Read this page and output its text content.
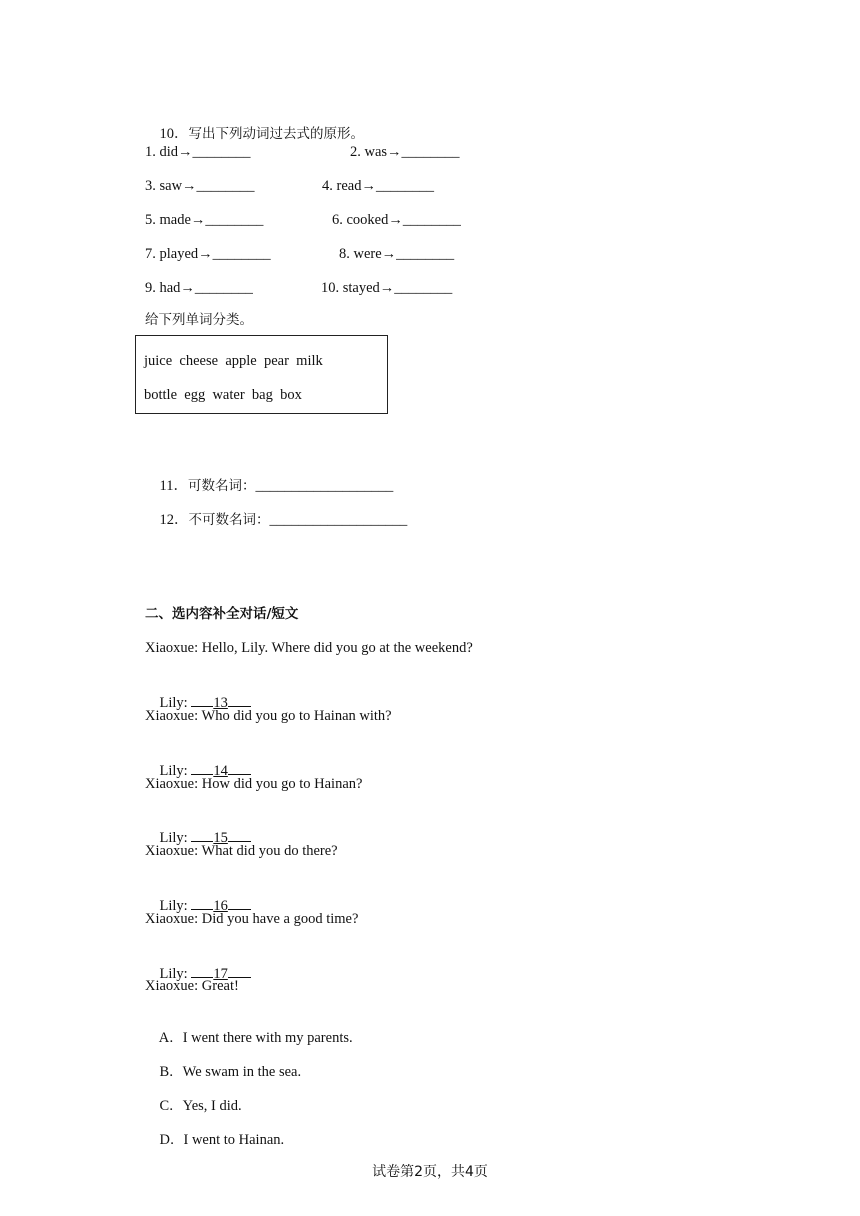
10．写出下列动词过去式的原形。

1. did→________	2. was→________
3. saw→________	4. read→________
5. made→________	6. cooked→________
7. played→________	8. were→________
9. had→________	10. stayed→________
给下列单词分类。
juice  cheese  apple  pear  milk
bottle  egg  water  bag  box

11．可数名词：___________________

12．不可数名词：___________________

二、选内容补全对话/短文
Xiaoxue: Hello, Lily. Where did you go at the weekend?

Lily: 13

Xiaoxue: Who did you go to Hainan with?

Lily: 14

Xiaoxue: How did you go to Hainan?

Lily: 15

Xiaoxue: What did you do there?

Lily: 16

Xiaoxue: Did you have a good time?

Lily: 17

Xiaoxue: Great!

A．I went there with my parents.

B．We swam in the sea.

C．Yes, I did.

D．I went to Hainan.

试卷第2页，共4页
